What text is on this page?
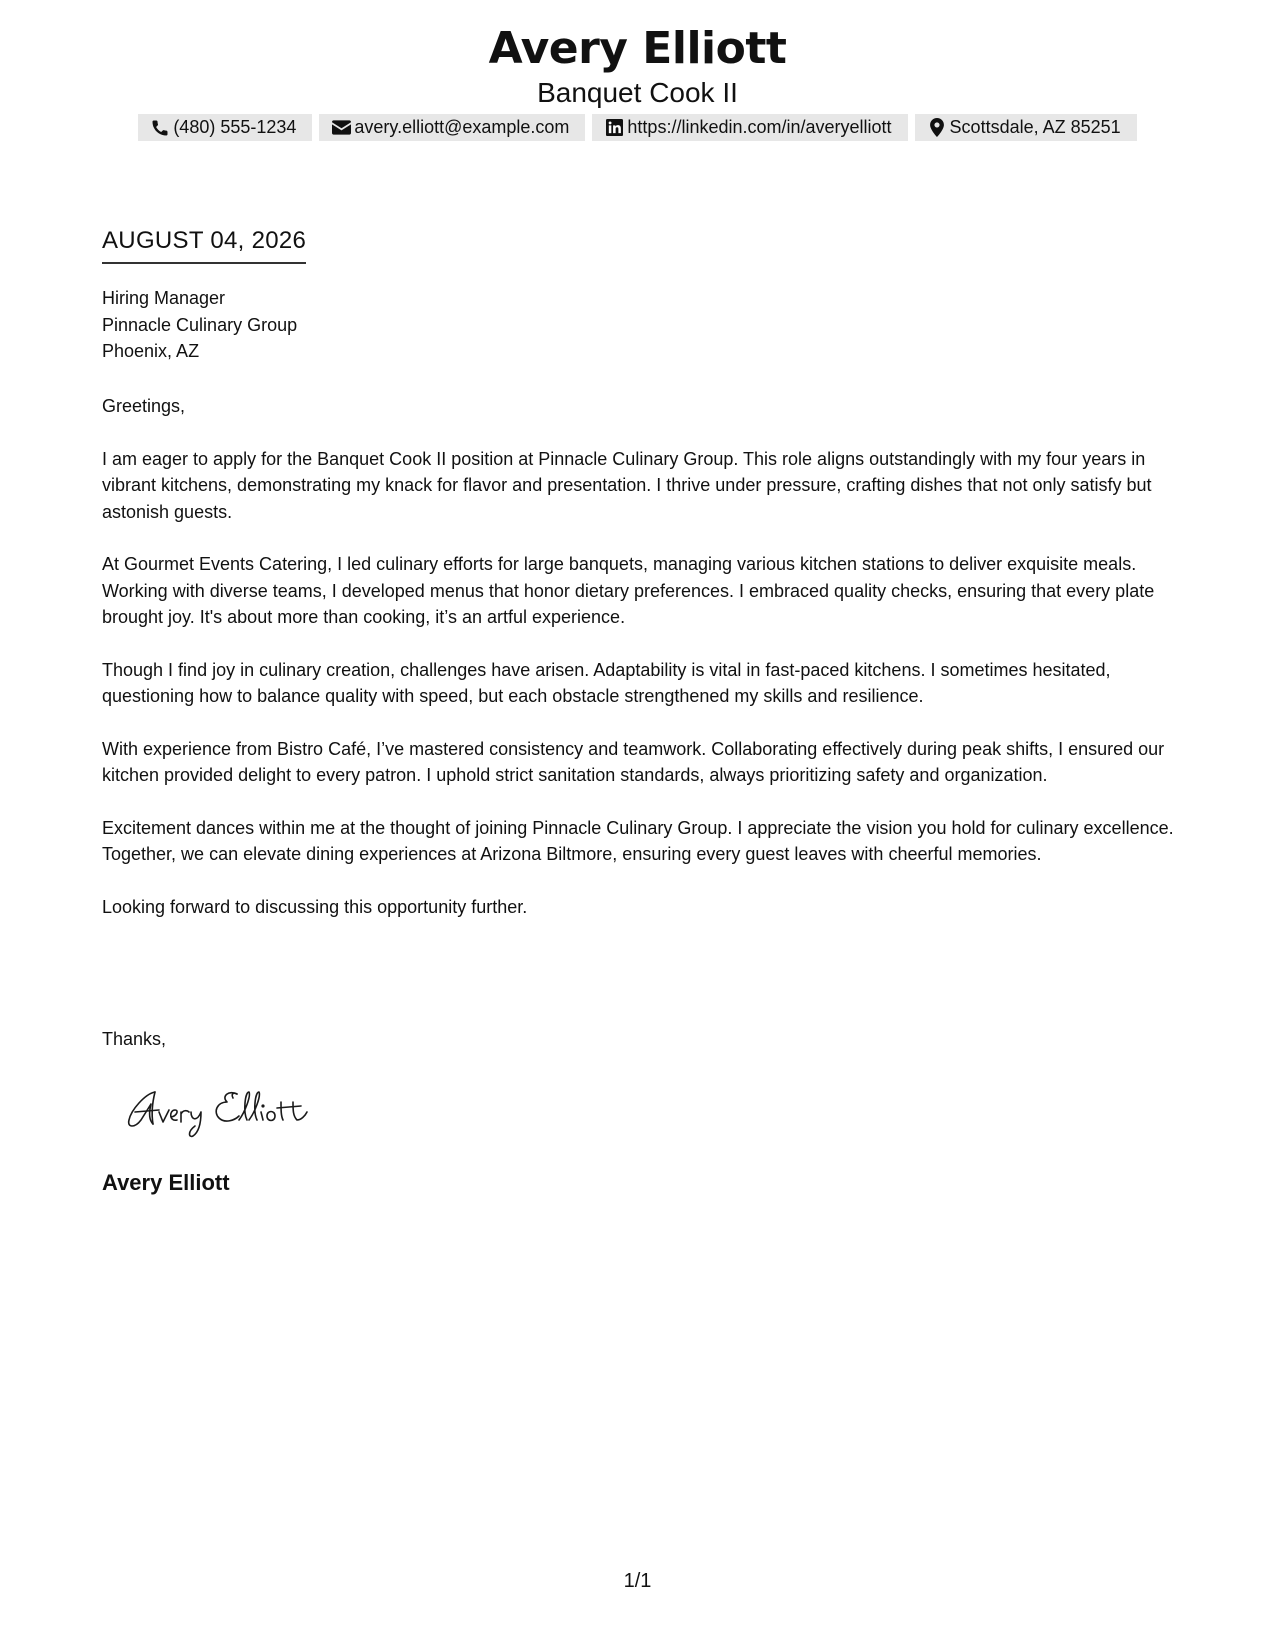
Avery Elliott
Banquet Cook II
(480) 555-1234	avery.elliott@example.com	https://linkedin.com/in/averyelliott	Scottsdale, AZ 85251
AUGUST 04, 2026
Hiring Manager
Pinnacle Culinary Group
Phoenix, AZ

Greetings,

I am eager to apply for the Banquet Cook II position at Pinnacle Culinary Group. This role aligns outstandingly with my four years in vibrant kitchens, demonstrating my knack for flavor and presentation. I thrive under pressure, crafting dishes that not only satisfy but astonish guests.

At Gourmet Events Catering, I led culinary efforts for large banquets, managing various kitchen stations to deliver exquisite meals. Working with diverse teams, I developed menus that honor dietary preferences. I embraced quality checks, ensuring that every plate brought joy. It's about more than cooking, it’s an artful experience.

Though I find joy in culinary creation, challenges have arisen. Adaptability is vital in fast-paced kitchens. I sometimes hesitated, questioning how to balance quality with speed, but each obstacle strengthened my skills and resilience.

With experience from Bistro Café, I’ve mastered consistency and teamwork. Collaborating effectively during peak shifts, I ensured our kitchen provided delight to every patron. I uphold strict sanitation standards, always prioritizing safety and organization.

Excitement dances within me at the thought of joining Pinnacle Culinary Group. I appreciate the vision you hold for culinary excellence. Together, we can elevate dining experiences at Arizona Biltmore, ensuring every guest leaves with cheerful memories.

Looking forward to discussing this opportunity further.

Thanks,
Avery Elliott
1/1
